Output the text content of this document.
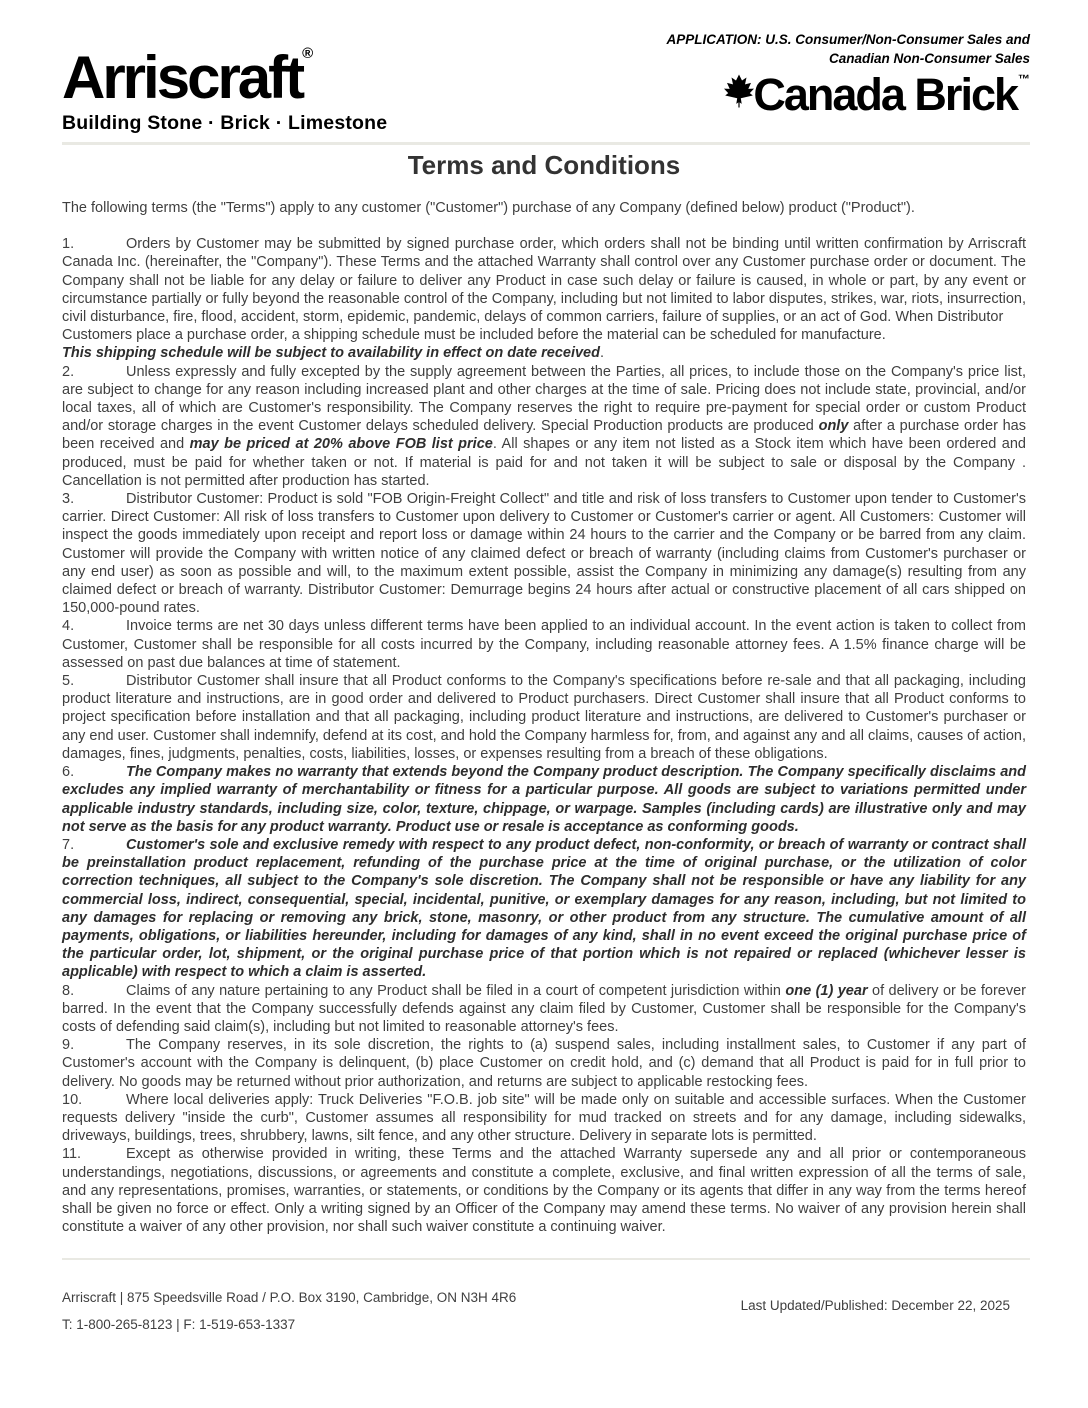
Arriscraft®
Building Stone · Brick · Limestone
APPLICATION: U.S. Consumer/Non-Consumer Sales and
Canadian Non-Consumer Sales
Canada Brick ™
Terms and Conditions

The following terms (the "Terms") apply to any customer ("Customer") purchase of any Company (defined below) product ("Product").

1.	Orders by Customer may be submitted by signed purchase order, which orders shall not be binding until written confirmation by Arriscraft Canada Inc. (hereinafter, the "Company"). These Terms and the attached Warranty shall control over any Customer purchase order or document. The Company shall not be liable for any delay or failure to deliver any Product in case such delay or failure is caused, in whole or part, by any event or circumstance partially or fully beyond the reasonable control of the Company, including but not limited to labor disputes, strikes, war, riots, insurrection, civil disturbance, fire, flood, accident, storm, epidemic, pandemic, delays of common carriers, failure of supplies, or an act of God. When Distributor
Customers place a purchase order, a shipping schedule must be included before the material can be scheduled for manufacture.
This shipping schedule will be subject to availability in effect on date received.

2.	Unless expressly and fully excepted by the supply agreement between the Parties, all prices, to include those on the Company's price list, are subject to change for any reason including increased plant and other charges at the time of sale. Pricing does not include state, provincial, and/or local taxes, all of which are Customer's responsibility. The Company reserves the right to require pre-payment for special order or custom Product and/or storage charges in the event Customer delays scheduled delivery. Special Production products are produced only after a purchase order has been received and may be priced at 20% above FOB list price. All shapes or any item not listed as a Stock item which have been ordered and produced, must be paid for whether taken or not. If material is paid for and not taken it will be subject to sale or disposal by the Company . Cancellation is not permitted after production has started.

3.	Distributor Customer: Product is sold "FOB Origin-Freight Collect" and title and risk of loss transfers to Customer upon tender to Customer's carrier. Direct Customer: All risk of loss transfers to Customer upon delivery to Customer or Customer's carrier or agent. All Customers: Customer will inspect the goods immediately upon receipt and report loss or damage within 24 hours to the carrier and the Company or be barred from any claim. Customer will provide the Company with written notice of any claimed defect or breach of warranty (including claims from Customer's purchaser or any end user) as soon as possible and will, to the maximum extent possible, assist the Company in minimizing any damage(s) resulting from any claimed defect or breach of warranty. Distributor Customer: Demurrage begins 24 hours after actual or constructive placement of all cars shipped on 150,000-pound rates.

4.	Invoice terms are net 30 days unless different terms have been applied to an individual account. In the event action is taken to collect from Customer, Customer shall be responsible for all costs incurred by the Company, including reasonable attorney fees. A 1.5% finance charge will be assessed on past due balances at time of statement.

5.	Distributor Customer shall insure that all Product conforms to the Company's specifications before re-sale and that all packaging, including product literature and instructions, are in good order and delivered to Product purchasers. Direct Customer shall insure that all Product conforms to project specification before installation and that all packaging, including product literature and instructions, are delivered to Customer's purchaser or any end user. Customer shall indemnify, defend at its cost, and hold the Company harmless for, from, and against any and all claims, causes of action, damages, fines, judgments, penalties, costs, liabilities, losses, or expenses resulting from a breach of these obligations.

6.	The Company makes no warranty that extends beyond the Company product description. The Company specifically disclaims and excludes any implied warranty of merchantability or fitness for a particular purpose. All goods are subject to variations permitted under applicable industry standards, including size, color, texture, chippage, or warpage. Samples (including cards) are illustrative only and may not serve as the basis for any product warranty. Product use or resale is acceptance as conforming goods.

7.	Customer's sole and exclusive remedy with respect to any product defect, non-conformity, or breach of warranty or contract shall be preinstallation product replacement, refunding of the purchase price at the time of original purchase, or the utilization of color correction techniques, all subject to the Company's sole discretion. The Company shall not be responsible or have any liability for any commercial loss, indirect, consequential, special, incidental, punitive, or exemplary damages for any reason, including, but not limited to any damages for replacing or removing any brick, stone, masonry, or other product from any structure. The cumulative amount of all payments, obligations, or liabilities hereunder, including for damages of any kind, shall in no event exceed the original purchase price of the particular order, lot, shipment, or the original purchase price of that portion which is not repaired or replaced (whichever lesser is applicable) with respect to which a claim is asserted.

8.	Claims of any nature pertaining to any Product shall be filed in a court of competent jurisdiction within one (1) year of delivery or be forever barred. In the event that the Company successfully defends against any claim filed by Customer, Customer shall be responsible for the Company's costs of defending said claim(s), including but not limited to reasonable attorney's fees.

9.	The Company reserves, in its sole discretion, the rights to (a) suspend sales, including installment sales, to Customer if any part of Customer's account with the Company is delinquent, (b) place Customer on credit hold, and (c) demand that all Product is paid for in full prior to delivery. No goods may be returned without prior authorization, and returns are subject to applicable restocking fees.

10.	Where local deliveries apply: Truck Deliveries "F.O.B. job site" will be made only on suitable and accessible surfaces. When the Customer requests delivery "inside the curb", Customer assumes all responsibility for mud tracked on streets and for any damage, including sidewalks, driveways, buildings, trees, shrubbery, lawns, silt fence, and any other structure. Delivery in separate lots is permitted.

11.	Except as otherwise provided in writing, these Terms and the attached Warranty supersede any and all prior or contemporaneous understandings, negotiations, discussions, or agreements and constitute a complete, exclusive, and final written expression of all the terms of sale, and any representations, promises, warranties, or statements, or conditions by the Company or its agents that differ in any way from the terms hereof shall be given no force or effect. Only a writing signed by an Officer of the Company may amend these terms. No waiver of any provision herein shall constitute a waiver of any other provision, nor shall such waiver constitute a continuing waiver.

Arriscraft | 875 Speedsville Road / P.O. Box 3190, Cambridge, ON N3H 4R6
T: 1-800-265-8123 | F: 1-519-653-1337
Last Updated/Published: December 22, 2025
